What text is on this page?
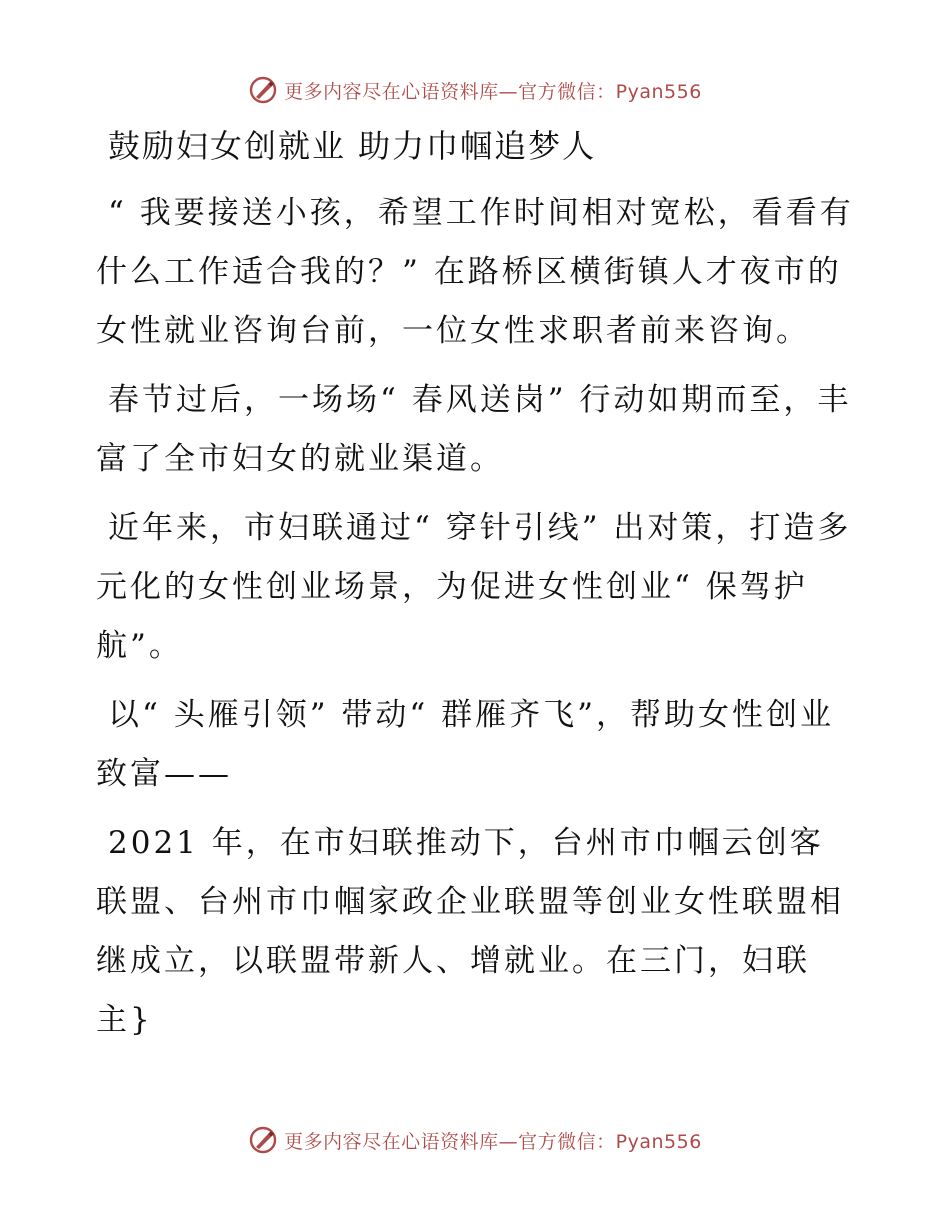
更多内容尽在心语资料库—官方微信：Pyan556
鼓励妇女创就业 助力巾帼追梦人

“ 我要接送小孩，希望工作时间相对宽松，看看有什么工作适合我的？” 在路桥区横街镇人才夜市的女性就业咨询台前，一位女性求职者前来咨询。

春节过后，一场场“ 春风送岗” 行动如期而至，丰富了全市妇女的就业渠道。

近年来，市妇联通过“ 穿针引线” 出对策，打造多元化的女性创业场景，为促进女性创业“ 保驾护航”。

以“ 头雁引领” 带动“ 群雁齐飞”，帮助女性创业致富——

2021 年，在市妇联推动下，台州市巾帼云创客联盟、台州市巾帼家政企业联盟等创业女性联盟相继成立，以联盟带新人、增就业。在三门，妇联主}

更多内容尽在心语资料库—官方微信：Pyan556
